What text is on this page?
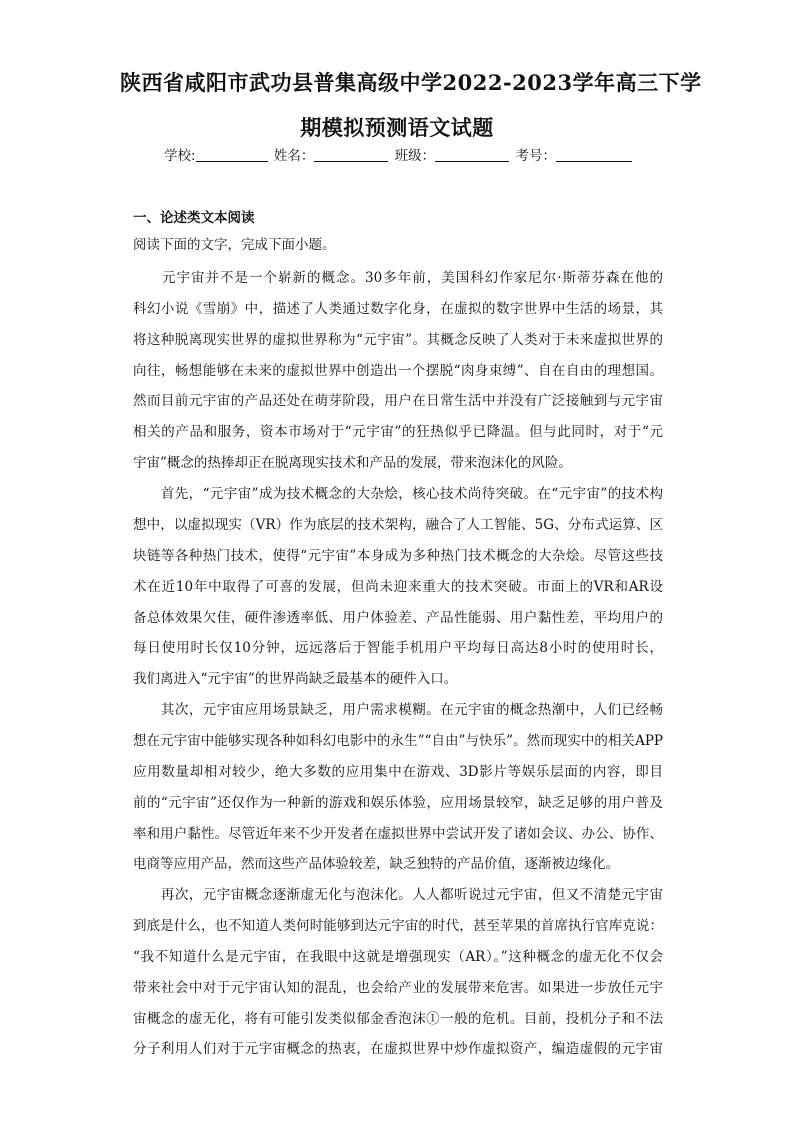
陕西省咸阳市武功县普集高级中学2022-2023学年高三下学
期模拟预测语文试题
学校:	姓名：	班级：	考号：
一、论述类文本阅读
阅读下面的文字，完成下面小题。
　　元宇宙并不是一个崭新的概念。30多年前，美国科幻作家尼尔·斯蒂芬森在他的
科幻小说《雪崩》中，描述了人类通过数字化身，在虚拟的数字世界中生活的场景，其
将这种脱离现实世界的虚拟世界称为“元宇宙”。其概念反映了人类对于未来虚拟世界的
向往，畅想能够在未来的虚拟世界中创造出一个摆脱“肉身束缚”、自在自由的理想国。
然而目前元宇宙的产品还处在萌芽阶段，用户在日常生活中并没有广泛接触到与元宇宙
相关的产品和服务，资本市场对于“元宇宙”的狂热似乎已降温。但与此同时，对于“元
宇宙”概念的热捧却正在脱离现实技术和产品的发展，带来泡沫化的风险。
　　首先，“元宇宙”成为技术概念的大杂烩，核心技术尚待突破。在“元宇宙”的技术构
想中，以虚拟现实（VR）作为底层的技术架构，融合了人工智能、5G、分布式运算、区
块链等各种热门技术，使得“元宇宙”本身成为多种热门技术概念的大杂烩。尽管这些技
术在近10年中取得了可喜的发展，但尚未迎来重大的技术突破。市面上的VR和AR设
备总体效果欠佳，硬件渗透率低、用户体验差、产品性能弱、用户黏性差，平均用户的
每日使用时长仅10分钟，远远落后于智能手机用户平均每日高达8小时的使用时长，
我们离进入“元宇宙”的世界尚缺乏最基本的硬件入口。
　　其次，元宇宙应用场景缺乏，用户需求模糊。在元宇宙的概念热潮中，人们已经畅
想在元宇宙中能够实现各种如科幻电影中的永生”“自由”与快乐”。然而现实中的相关APP
应用数量却相对较少，绝大多数的应用集中在游戏、3D影片等娱乐层面的内容，即目
前的“元宇宙”还仅作为一种新的游戏和娱乐体验，应用场景较窄，缺乏足够的用户普及
率和用户黏性。尽管近年来不少开发者在虚拟世界中尝试开发了诸如会议、办公、协作、
电商等应用产品，然而这些产品体验较差，缺乏独特的产品价值，逐渐被边缘化。
　　再次，元宇宙概念逐渐虚无化与泡沫化。人人都听说过元宇宙，但又不清楚元宇宙
到底是什么，也不知道人类何时能够到达元宇宙的时代，甚至苹果的首席执行官库克说：
“我不知道什么是元宇宙，在我眼中这就是增强现实（AR）。”这种概念的虚无化不仅会
带来社会中对于元宇宙认知的混乱，也会给产业的发展带来危害。如果进一步放任元宇
宙概念的虚无化，将有可能引发类似郁金香泡沫①一般的危机。目前，投机分子和不法
分子利用人们对于元宇宙概念的热衷，在虚拟世界中炒作虚拟资产，编造虚假的元宇宙
